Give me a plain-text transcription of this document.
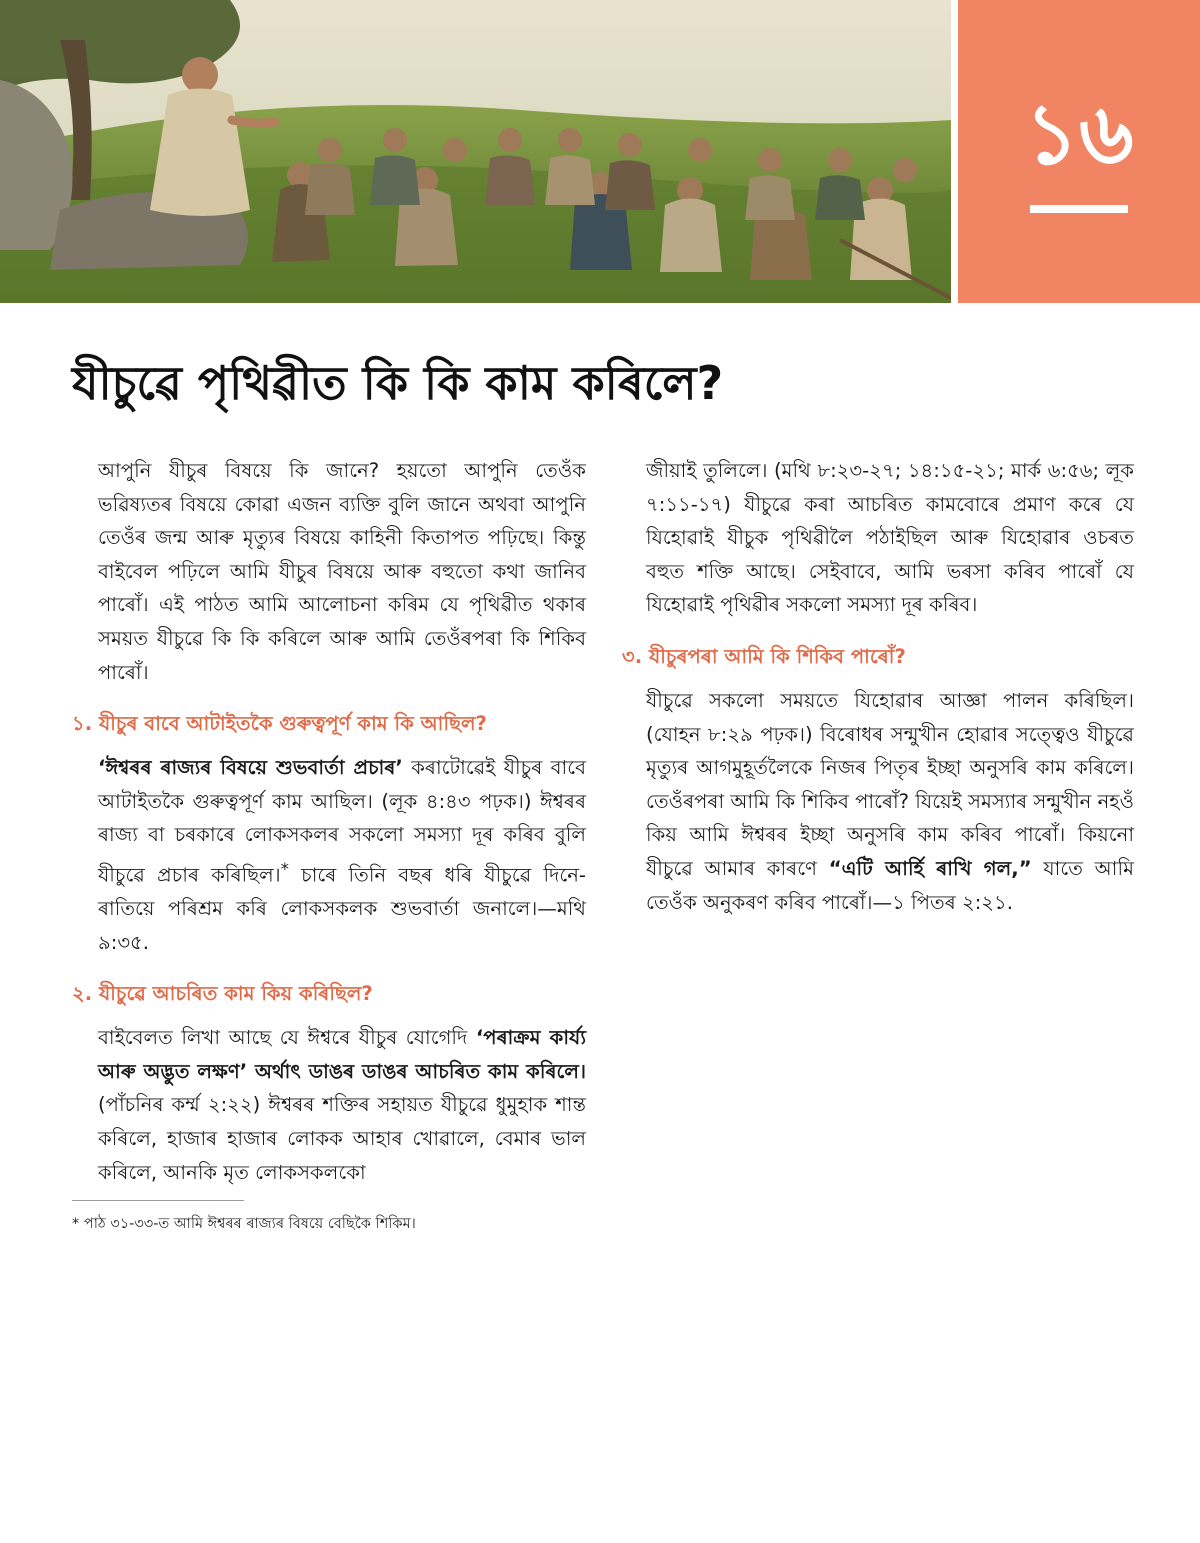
১৬
যীচুৱে পৃথিৱীত কি কি কাম কৰিলে?

আপুনি যীচুৰ বিষয়ে কি জানে? হয়তো আপুনি তেওঁক ভৱিষ্যতৰ বিষয়ে কোৱা এজন ব্যক্তি বুলি জানে অথবা আপুনি তেওঁৰ জন্ম আৰু মৃত্যুৰ বিষয়ে কাহিনী কিতাপত পঢ়িছে। কিন্তু বাইবেল পঢ়িলে আমি যীচুৰ বিষয়ে আৰু বহুতো কথা জানিব পাৰোঁ। এই পাঠত আমি আলোচনা কৰিম যে পৃথিৱীত থকাৰ সময়ত যীচুৱে কি কি কৰিলে আৰু আমি তেওঁৰপৰা কি শিকিব পাৰোঁ।

১. যীচুৰ বাবে আটাইতকৈ গুৰুত্বপূৰ্ণ কাম কি আছিল?

‘ঈশ্বৰৰ ৰাজ্যৰ বিষয়ে শুভবাৰ্তা প্ৰচাৰ’ কৰাটোৱেই যীচুৰ বাবে আটাইতকৈ গুৰুত্বপূৰ্ণ কাম আছিল। (লূক ৪:৪৩ পঢ়ক।) ঈশ্বৰৰ ৰাজ্য বা চৰকাৰে লোকসকলৰ সকলো সমস্যা দূৰ কৰিব বুলি যীচুৱে প্ৰচাৰ কৰিছিল।* চাৰে তিনি বছৰ ধৰি যীচুৱে দিনে-ৰাতিয়ে পৰিশ্ৰম কৰি লোকসকলক শুভবাৰ্তা জনালে।—মথি ৯:৩৫.

২. যীচুৱে আচৰিত কাম কিয় কৰিছিল?

বাইবেলত লিখা আছে যে ঈশ্বৰে যীচুৰ যোগেদি ‘পৰাক্ৰম কাৰ্য্য আৰু অদ্ভুত লক্ষণ’ অৰ্থাৎ ডাঙৰ ডাঙৰ আচৰিত কাম কৰিলে। (পাঁচনিৰ কৰ্ম্ম ২:২২) ঈশ্বৰৰ শক্তিৰ সহায়ত যীচুৱে ধুমুহাক শান্ত কৰিলে, হাজাৰ হাজাৰ লোকক আহাৰ খোৱালে, বেমাৰ ভাল কৰিলে, আনকি মৃত লোকসকলকো

* পাঠ ৩১-৩৩-ত আমি ঈশ্বৰৰ ৰাজ্যৰ বিষয়ে বেছিকৈ শিকিম।

জীয়াই তুলিলে। (মথি ৮:২৩-২৭; ১৪:১৫-২১; মাৰ্ক ৬:৫৬; লূক ৭:১১-১৭) যীচুৱে কৰা আচৰিত কামবোৰে প্ৰমাণ কৰে যে যিহোৱাই যীচুক পৃথিৱীলৈ পঠাইছিল আৰু যিহোৱাৰ ওচৰত বহুত শক্তি আছে। সেইবাবে, আমি ভৰসা কৰিব পাৰোঁ যে যিহোৱাই পৃথিৱীৰ সকলো সমস্যা দূৰ কৰিব।

৩. যীচুৰপৰা আমি কি শিকিব পাৰোঁ?

যীচুৱে সকলো সময়তে যিহোৱাৰ আজ্ঞা পালন কৰিছিল। (যোহন ৮:২৯ পঢ়ক।) বিৰোধৰ সন্মুখীন হোৱাৰ সত্ত্বেও যীচুৱে মৃত্যুৰ আগমুহূৰ্তলৈকে নিজৰ পিতৃৰ ইচ্ছা অনুসৰি কাম কৰিলে। তেওঁৰপৰা আমি কি শিকিব পাৰোঁ? যিয়েই সমস্যাৰ সন্মুখীন নহওঁ কিয় আমি ঈশ্বৰৰ ইচ্ছা অনুসৰি কাম কৰিব পাৰোঁ। কিয়নো যীচুৱে আমাৰ কাৰণে “এটি আৰ্হি ৰাখি গল,” যাতে আমি তেওঁক অনুকৰণ কৰিব পাৰোঁ।—১ পিতৰ ২:২১.
